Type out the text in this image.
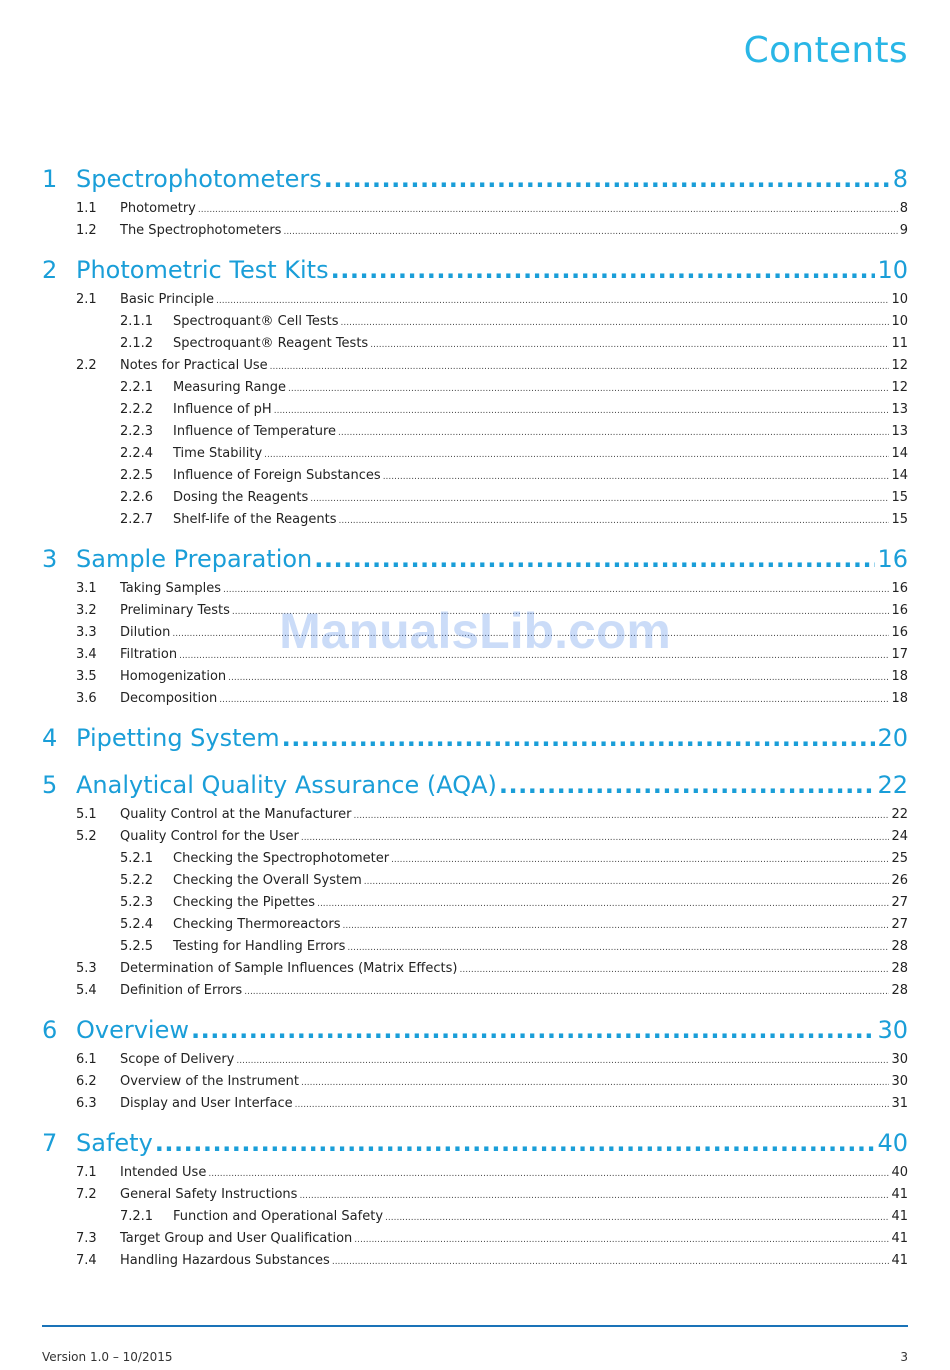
Contents
1 Spectrophotometers .....	8
1.1	Photometry .....	8
1.2	The Spectrophotometers .....	9
2 Photometric Test Kits .....	10
2.1	Basic Principle .....	10
2.1.1	Spectroquant® Cell Tests .....	10
2.1.2	Spectroquant® Reagent Tests .....	11
2.2	Notes for Practical Use .....	12
2.2.1	Measuring Range .....	12
2.2.2	Influence of pH .....	13
2.2.3	Influence of Temperature .....	13
2.2.4	Time Stability .....	14
2.2.5	Influence of Foreign Substances .....	14
2.2.6	Dosing the Reagents .....	15
2.2.7	Shelf-life of the Reagents .....	15
3 Sample Preparation .....	16
3.1	Taking Samples .....	16
3.2	Preliminary Tests .....	16
3.3	Dilution .....	16
3.4	Filtration .....	17
3.5	Homogenization .....	18
3.6	Decomposition .....	18
4 Pipetting System .....	20
5 Analytical Quality Assurance (AQA) .....	22
5.1	Quality Control at the Manufacturer .....	22
5.2	Quality Control for the User .....	24
5.2.1	Checking the Spectrophotometer .....	25
5.2.2	Checking the Overall System .....	26
5.2.3	Checking the Pipettes .....	27
5.2.4	Checking Thermoreactors .....	27
5.2.5	Testing for Handling Errors .....	28
5.3	Determination of Sample Influences (Matrix Effects) .....	28
5.4	Definition of Errors .....	28
6 Overview .....	30
6.1	Scope of Delivery .....	30
6.2	Overview of the Instrument .....	30
6.3	Display and User Interface .....	31
7 Safety .....	40
7.1	Intended Use .....	40
7.2	General Safety Instructions .....	41
7.2.1	Function and Operational Safety .....	41
7.3	Target Group and User Qualification .....	41
7.4	Handling Hazardous Substances .....	41
ManualsLib.com
Version 1.0 – 10/2015	3
